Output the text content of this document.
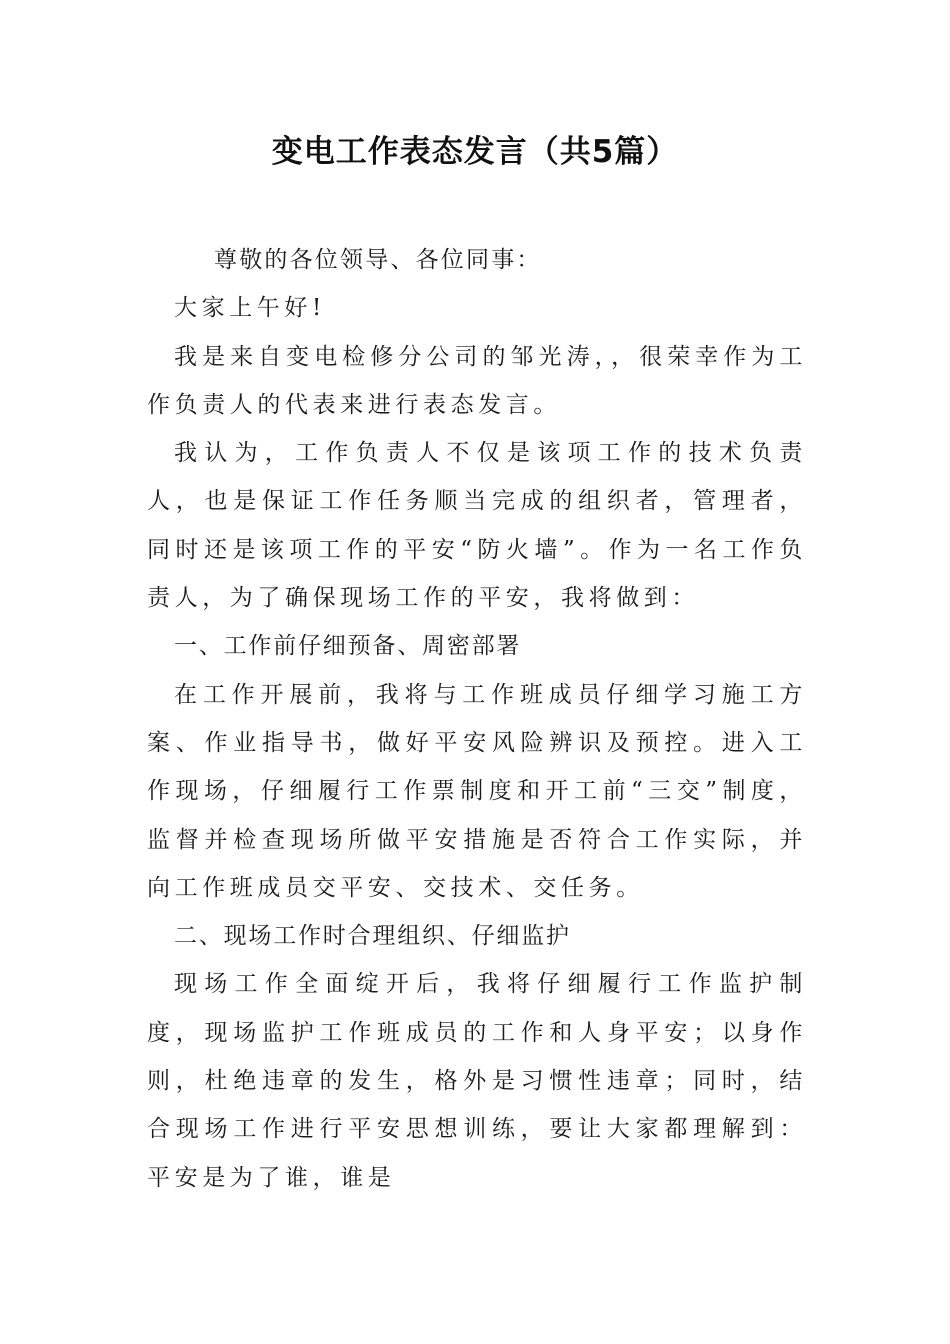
变电工作表态发言（共5篇）

尊敬的各位领导、各位同事：

大家上午好!

我是来自变电检修分公司的邹光涛，，很荣幸作为工作负责人的代表来进行表态发言。

我认为，工作负责人不仅是该项工作的技术负责人，也是保证工作任务顺当完成的组织者，管理者，同时还是该项工作的平安“防火墙”。作为一名工作负责人，为了确保现场工作的平安，我将做到：

一、工作前仔细预备、周密部署

在工作开展前，我将与工作班成员仔细学习施工方案、作业指导书，做好平安风险辨识及预控。进入工作现场，仔细履行工作票制度和开工前“三交”制度，监督并检查现场所做平安措施是否符合工作实际，并向工作班成员交平安、交技术、交任务。

二、现场工作时合理组织、仔细监护

现场工作全面绽开后，我将仔细履行工作监护制度，现场监护工作班成员的工作和人身平安；以身作则，杜绝违章的发生，格外是习惯性违章；同时，结合现场工作进行平安思想训练，要让大家都理解到：平安是为了谁，谁是
